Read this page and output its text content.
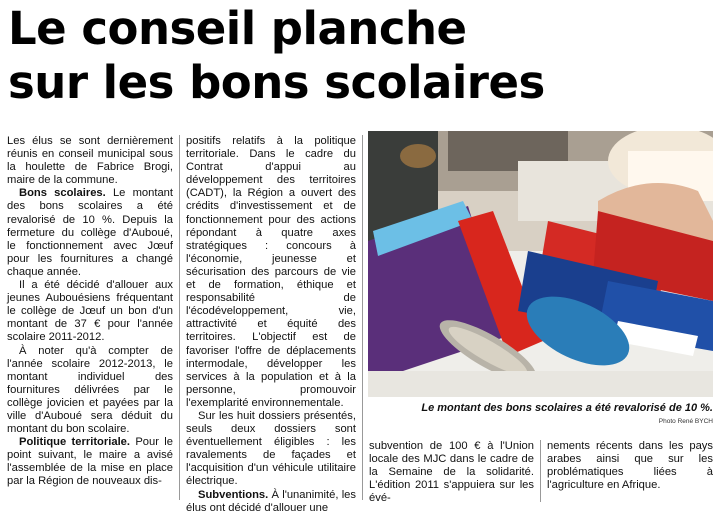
Le conseil planche
sur les bons scolaires

Les élus se sont dernièrement réunis en conseil municipal sous la houlette de Fabrice Brogi, maire de la commune.

Bons scolaires. Le montant des bons scolaires a été revalorisé de 10 %. Depuis la fermeture du collège d'Auboué, le fonctionnement avec Jœuf pour les fournitures a changé chaque année.

Il a été décidé d'allouer aux jeunes Aubouésiens fréquentant le collège de Jœuf un bon d'un montant de 37 € pour l'année scolaire 2011-2012.

À noter qu'à compter de l'année scolaire 2012-2013, le montant individuel des fournitures délivrées par le collège jovicien et payées par la ville d'Auboué sera déduit du montant du bon scolaire.

Politique territoriale. Pour le point suivant, le maire a avisé l'assemblée de la mise en place par la Région de nouveaux dis-

positifs relatifs à la politique territoriale. Dans le cadre du Contrat d'appui au développement des territoires (CADT), la Région a ouvert des crédits d'investissement et de fonctionnement pour des actions répondant à quatre axes stratégiques : concours à l'économie, jeunesse et sécurisation des parcours de vie et de formation, éthique et responsabilité de l'écodéveloppement, vie, attractivité et équité des territoires. L'objectif est de favoriser l'offre de déplacements intermodale, développer les services à la population et à la personne, promouvoir l'exemplarité environnementale.

Sur les huit dossiers présentés, seuls deux dossiers sont éventuellement éligibles : les ravalements de façades et l'acquisition d'un véhicule utilitaire électrique.

Subventions. À l'unanimité, les élus ont décidé d'allouer une

Le montant des bons scolaires a été revalorisé de 10 %.
Photo René BYCH

subvention de 100 € à l'Union locale des MJC dans le cadre de la Semaine de la solidarité. L'édition 2011 s'appuiera sur les évé-

nements récents dans les pays arabes ainsi que sur les problématiques liées à l'agriculture en Afrique.
